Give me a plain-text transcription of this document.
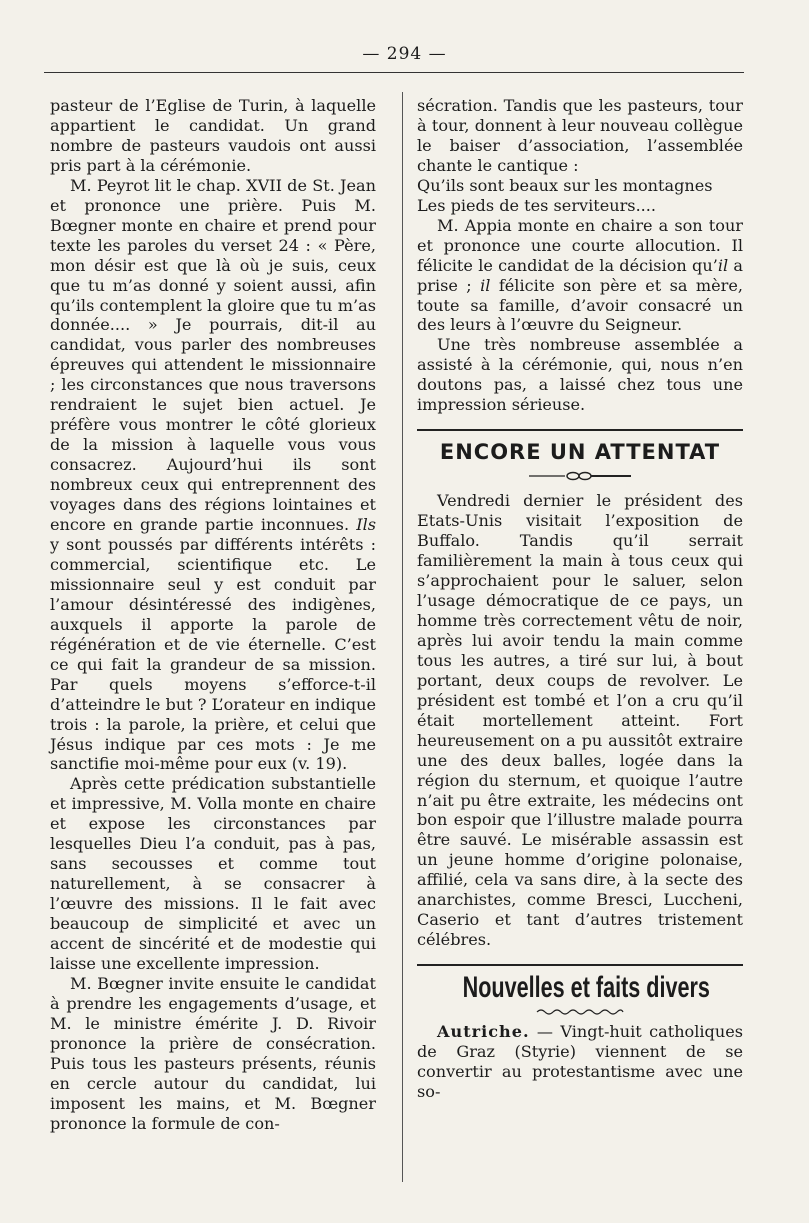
— 294 —

pasteur de l’Eglise de Turin, à laquelle appartient le candidat. Un grand nombre de pasteurs vaudois ont aussi pris part à la cérémonie.

M. Peyrot lit le chap. XVII de St. Jean et prononce une prière. Puis M. Bœgner monte en chaire et prend pour texte les paroles du verset 24 : « Père, mon désir est que là où je suis, ceux que tu m’as donné y soient aussi, afin qu’ils contemplent la gloire que tu m’as donnée.... » Je pourrais, dit-il au candidat, vous parler des nombreuses épreuves qui attendent le missionnaire ; les circonstances que nous traversons rendraient le sujet bien actuel. Je préfère vous montrer le côté glorieux de la mission à laquelle vous vous consacrez. Aujourd’hui ils sont nombreux ceux qui entreprennent des voyages dans des régions lointaines et encore en grande partie inconnues. Ils y sont poussés par différents intérêts : commercial, scientifique etc. Le missionnaire seul y est conduit par l’amour désintéressé des indigènes, auxquels il apporte la parole de régénération et de vie éternelle. C’est ce qui fait la grandeur de sa mission. Par quels moyens s’efforce-t-il d’atteindre le but ? L’orateur en indique trois : la parole, la prière, et celui que Jésus indique par ces mots : Je me sanctifie moi-même pour eux (v. 19).

Après cette prédication substantielle et impressive, M. Volla monte en chaire et expose les circonstances par lesquelles Dieu l’a conduit, pas à pas, sans secousses et comme tout naturellement, à se consacrer à l’œuvre des missions. Il le fait avec beaucoup de simplicité et avec un accent de sincérité et de modestie qui laisse une excellente impression.

M. Bœgner invite ensuite le candidat à prendre les engagements d’usage, et M. le ministre émérite J. D. Rivoir prononce la prière de consécration. Puis tous les pasteurs présents, réunis en cercle autour du candidat, lui imposent les mains, et M. Bœgner prononce la formule de con-

sécration. Tandis que les pasteurs, tour à tour, donnent à leur nouveau collègue le baiser d’association, l’assemblée chante le cantique :

Qu’ils sont beaux sur les montagnes

Les pieds de tes serviteurs....

M. Appia monte en chaire a son tour et prononce une courte allocution. Il félicite le candidat de la décision qu’il a prise ; il félicite son père et sa mère, toute sa famille, d’avoir consacré un des leurs à l’œuvre du Seigneur.

Une très nombreuse assemblée a assisté à la cérémonie, qui, nous n’en doutons pas, a laissé chez tous une impression sérieuse.

ENCORE UN ATTENTAT

Vendredi dernier le président des Etats-Unis visitait l’exposition de Buffalo. Tandis qu’il serrait familièrement la main à tous ceux qui s’approchaient pour le saluer, selon l’usage démocratique de ce pays, un homme très correctement vêtu de noir, après lui avoir tendu la main comme tous les autres, a tiré sur lui, à bout portant, deux coups de revolver. Le président est tombé et l’on a cru qu’il était mortellement atteint. Fort heureusement on a pu aussitôt extraire une des deux balles, logée dans la région du sternum, et quoique l’autre n’ait pu être extraite, les médecins ont bon espoir que l’illustre malade pourra être sauvé. Le misérable assassin est un jeune homme d’origine polonaise, affilié, cela va sans dire, à la secte des anarchistes, comme Bresci, Luccheni, Caserio et tant d’autres tristement célébres.

Nouvelles et faits divers

Autriche. — Vingt-huit catholiques de Graz (Styrie) viennent de se convertir au protestantisme avec une so-
